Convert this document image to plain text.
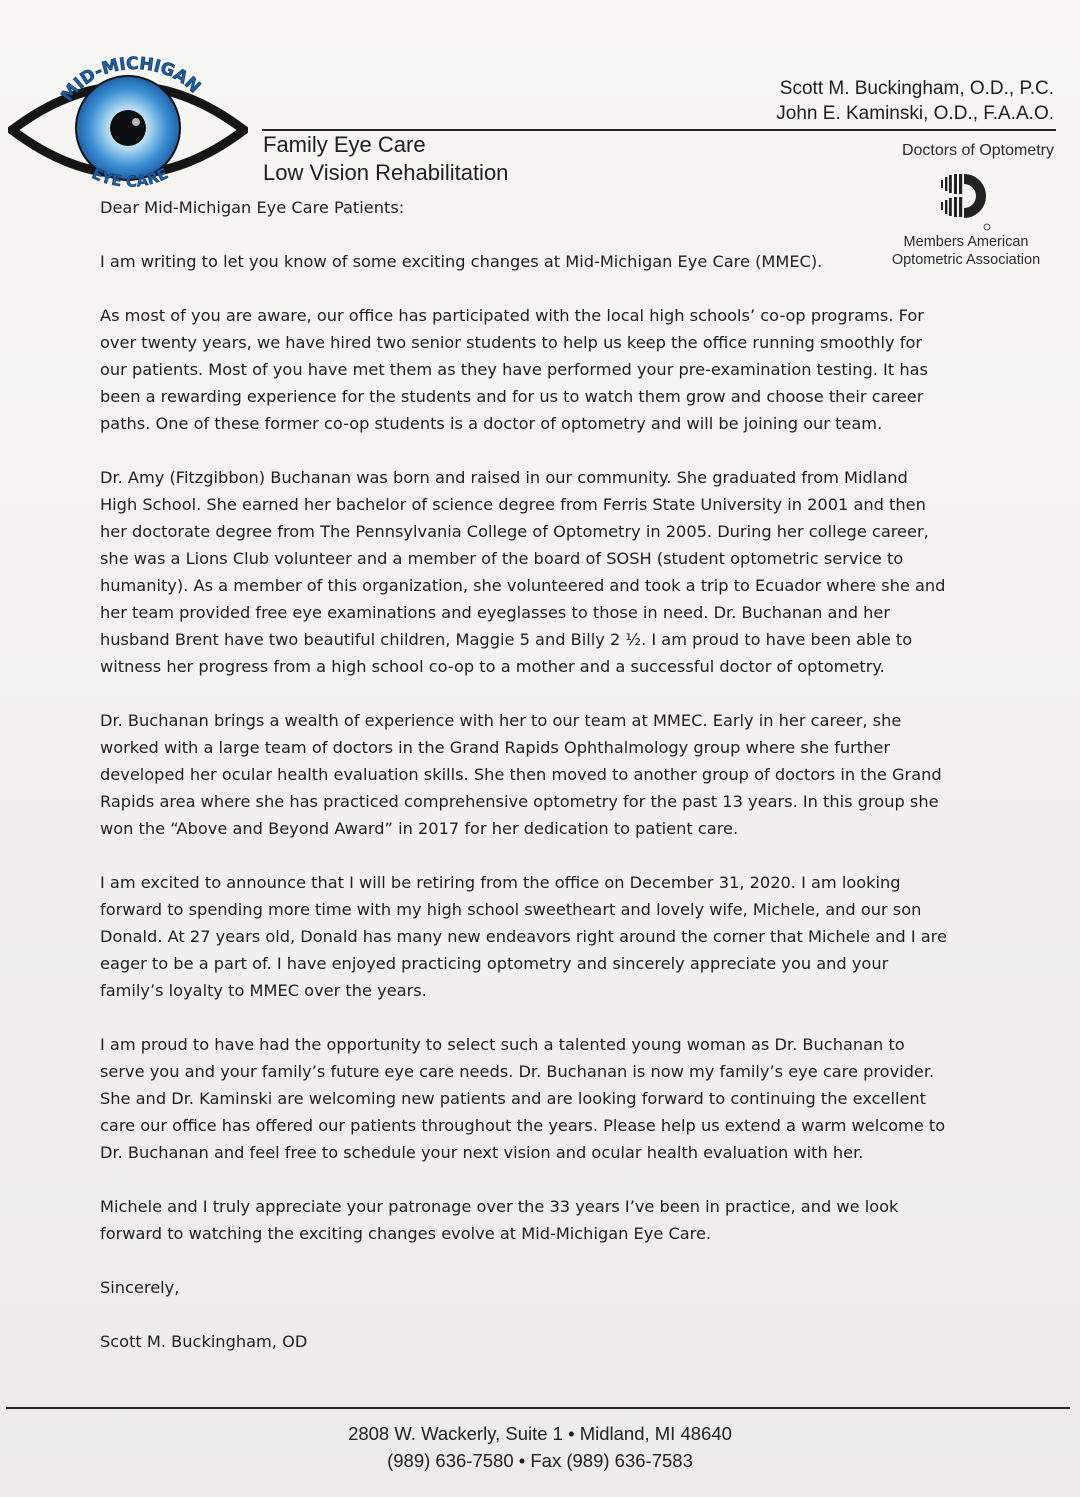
MID-MICHIGAN
EYE CARE
Scott M. Buckingham, O.D., P.C.
John E. Kaminski, O.D., F.A.A.O.
Doctors of Optometry
Family Eye Care
Low Vision Rehabilitation
Members American
Optometric Association

Dear Mid-Michigan Eye Care Patients:

I am writing to let you know of some exciting changes at Mid-Michigan Eye Care (MMEC).

As most of you are aware, our office has participated with the local high schools’ co-op programs. For
over twenty years, we have hired two senior students to help us keep the office running smoothly for
our patients. Most of you have met them as they have performed your pre-examination testing. It has
been a rewarding experience for the students and for us to watch them grow and choose their career
paths. One of these former co-op students is a doctor of optometry and will be joining our team.

Dr. Amy (Fitzgibbon) Buchanan was born and raised in our community. She graduated from Midland
High School. She earned her bachelor of science degree from Ferris State University in 2001 and then
her doctorate degree from The Pennsylvania College of Optometry in 2005. During her college career,
she was a Lions Club volunteer and a member of the board of SOSH (student optometric service to
humanity). As a member of this organization, she volunteered and took a trip to Ecuador where she and
her team provided free eye examinations and eyeglasses to those in need. Dr. Buchanan and her
husband Brent have two beautiful children, Maggie 5 and Billy 2 ½. I am proud to have been able to
witness her progress from a high school co-op to a mother and a successful doctor of optometry.

Dr. Buchanan brings a wealth of experience with her to our team at MMEC. Early in her career, she
worked with a large team of doctors in the Grand Rapids Ophthalmology group where she further
developed her ocular health evaluation skills. She then moved to another group of doctors in the Grand
Rapids area where she has practiced comprehensive optometry for the past 13 years. In this group she
won the “Above and Beyond Award” in 2017 for her dedication to patient care.

I am excited to announce that I will be retiring from the office on December 31, 2020. I am looking
forward to spending more time with my high school sweetheart and lovely wife, Michele, and our son
Donald. At 27 years old, Donald has many new endeavors right around the corner that Michele and I are
eager to be a part of. I have enjoyed practicing optometry and sincerely appreciate you and your
family’s loyalty to MMEC over the years.

I am proud to have had the opportunity to select such a talented young woman as Dr. Buchanan to
serve you and your family’s future eye care needs. Dr. Buchanan is now my family’s eye care provider.
She and Dr. Kaminski are welcoming new patients and are looking forward to continuing the excellent
care our office has offered our patients throughout the years. Please help us extend a warm welcome to
Dr. Buchanan and feel free to schedule your next vision and ocular health evaluation with her.

Michele and I truly appreciate your patronage over the 33 years I’ve been in practice, and we look
forward to watching the exciting changes evolve at Mid-Michigan Eye Care.

Sincerely,

Scott M. Buckingham, OD

2808 W. Wackerly, Suite 1 • Midland, MI 48640
(989) 636-7580 • Fax (989) 636-7583
